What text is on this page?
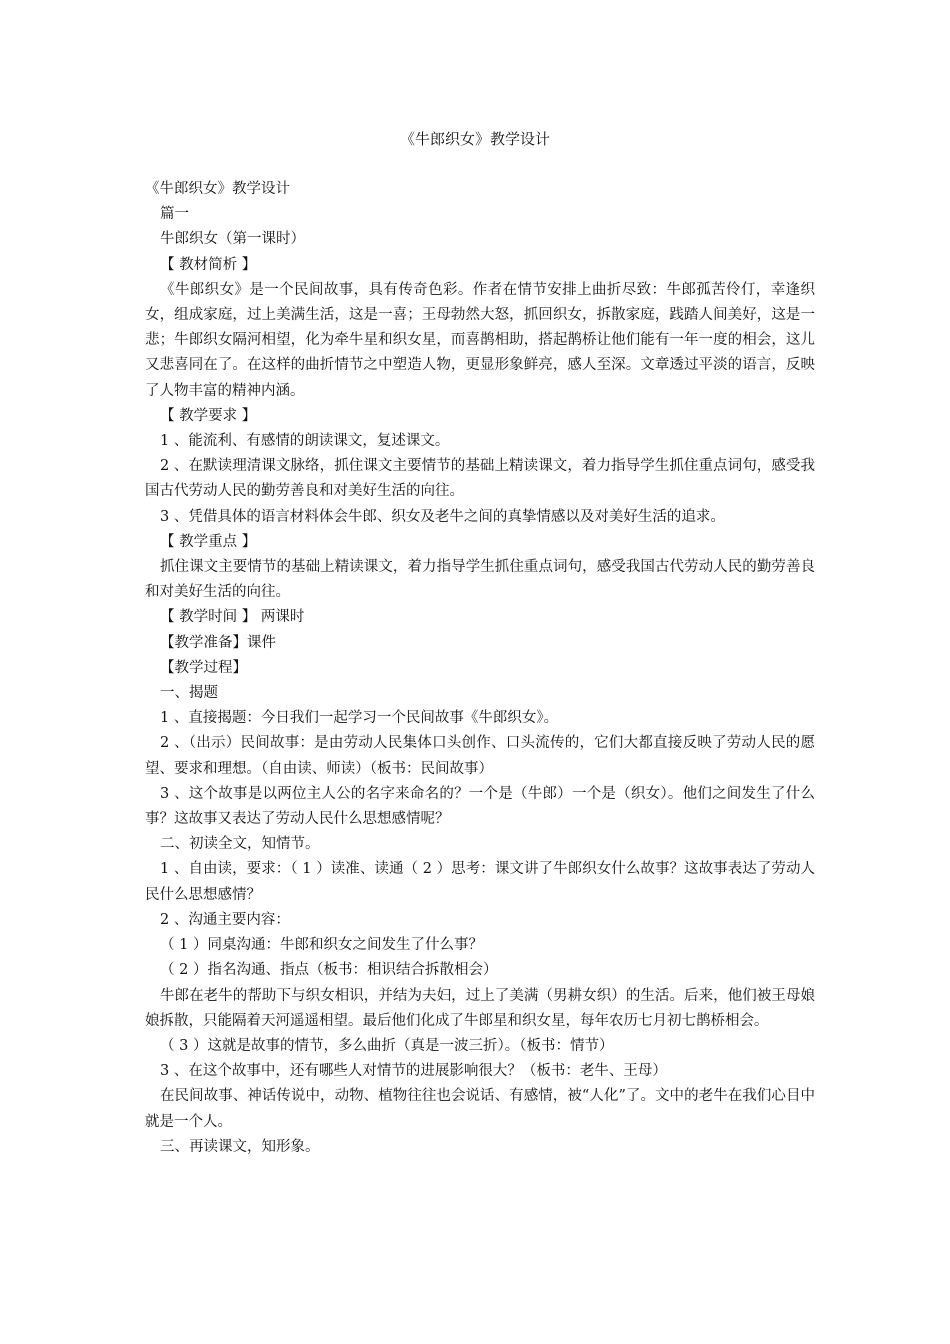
《牛郎织女》教学设计

《牛郎织女》教学设计

篇一

牛郎织女（第一课时）

【 教材简析 】

《牛郎织女》是一个民间故事，具有传奇色彩。作者在情节安排上曲折尽致：牛郎孤苦伶仃，幸逢织女，组成家庭，过上美满生活，这是一喜；王母勃然大怒，抓回织女，拆散家庭，践踏人间美好，这是一悲；牛郎织女隔河相望，化为牵牛星和织女星，而喜鹊相助，搭起鹊桥让他们能有一年一度的相会，这儿又悲喜同在了。在这样的曲折情节之中塑造人物，更显形象鲜亮，感人至深。文章透过平淡的语言，反映了人物丰富的精神内涵。

【 教学要求 】

1 、能流利、有感情的朗读课文，复述课文。

2 、在默读理清课文脉络，抓住课文主要情节的基础上精读课文，着力指导学生抓住重点词句，感受我国古代劳动人民的勤劳善良和对美好生活的向往。

3 、凭借具体的语言材料体会牛郎、织女及老牛之间的真挚情感以及对美好生活的追求。

【 教学重点 】

抓住课文主要情节的基础上精读课文，着力指导学生抓住重点词句，感受我国古代劳动人民的勤劳善良和对美好生活的向往。

【 教学时间 】 两课时

【教学准备】课件

【教学过程】

一、揭题

1 、直接揭题：今日我们一起学习一个民间故事《牛郎织女》。

2 、（出示）民间故事：是由劳动人民集体口头创作、口头流传的，它们大都直接反映了劳动人民的愿望、要求和理想。（自由读、师读）（板书：民间故事）

3 、这个故事是以两位主人公的名字来命名的？一个是（牛郎）一个是（织女）。他们之间发生了什么事？这故事又表达了劳动人民什么思想感情呢？

二、初读全文，知情节。

1 、自由读，要求：（ 1 ）读准、读通（ 2 ）思考：课文讲了牛郎织女什么故事？这故事表达了劳动人民什么思想感情？

2 、沟通主要内容：

（ 1 ）同桌沟通：牛郎和织女之间发生了什么事？

（ 2 ）指名沟通、指点（板书：相识结合拆散相会）

牛郎在老牛的帮助下与织女相识，并结为夫妇，过上了美满（男耕女织）的生活。后来，他们被王母娘娘拆散，只能隔着天河遥遥相望。最后他们化成了牛郎星和织女星，每年农历七月初七鹊桥相会。

（ 3 ）这就是故事的情节，多么曲折（真是一波三折）。（板书：情节）

3 、在这个故事中，还有哪些人对情节的进展影响很大？（板书：老牛、王母）

在民间故事、神话传说中，动物、植物往往也会说话、有感情，被“人化”了。文中的老牛在我们心目中就是一个人。

三、再读课文，知形象。
